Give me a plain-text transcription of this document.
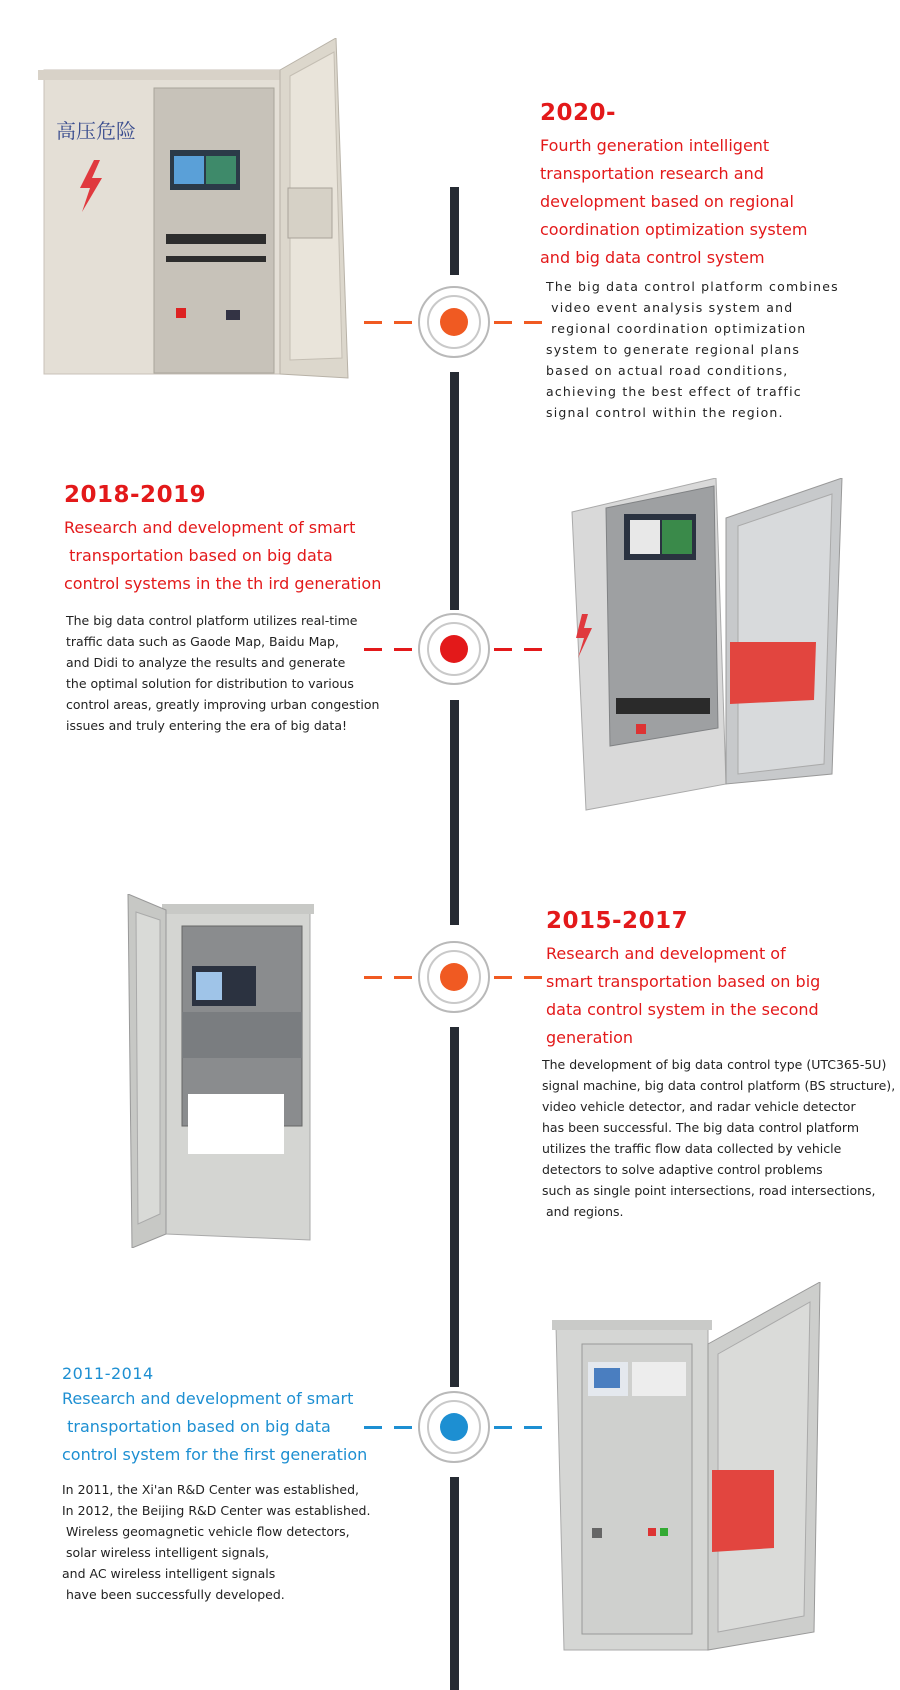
高压危险
2020-
Fourth generation intelligent
transportation research and
development based on regional
coordination optimization system
and big data control system
The big data control platform combines
video event analysis system and
regional coordination optimization
system to generate regional plans
based on actual road conditions,
achieving the best effect of traffic
signal control within the region.
2018-2019
Research and development of smart
transportation based on big data
control systems in the th ird generation
The big data control platform utilizes real-time
traffic data such as Gaode Map, Baidu Map,
and Didi to analyze the results and generate
the optimal solution for distribution to various
control areas, greatly improving urban congestion
issues and truly entering the era of big data!
2015-2017
Research and development of
smart transportation based on big
data control system in the second
generation
The development of big data control type (UTC365-5U)
signal machine, big data control platform (BS structure),
video vehicle detector, and radar vehicle detector
has been successful. The big data control platform
utilizes the traffic flow data collected by vehicle
detectors to solve adaptive control problems
such as single point intersections, road intersections,
and regions.
2011-2014
Research and development of smart
transportation based on big data
control system for the first generation
In 2011, the Xi'an R&D Center was established,
In 2012, the Beijing R&D Center was established.
Wireless geomagnetic vehicle flow detectors,
solar wireless intelligent signals,
and AC wireless intelligent signals
have been successfully developed.
